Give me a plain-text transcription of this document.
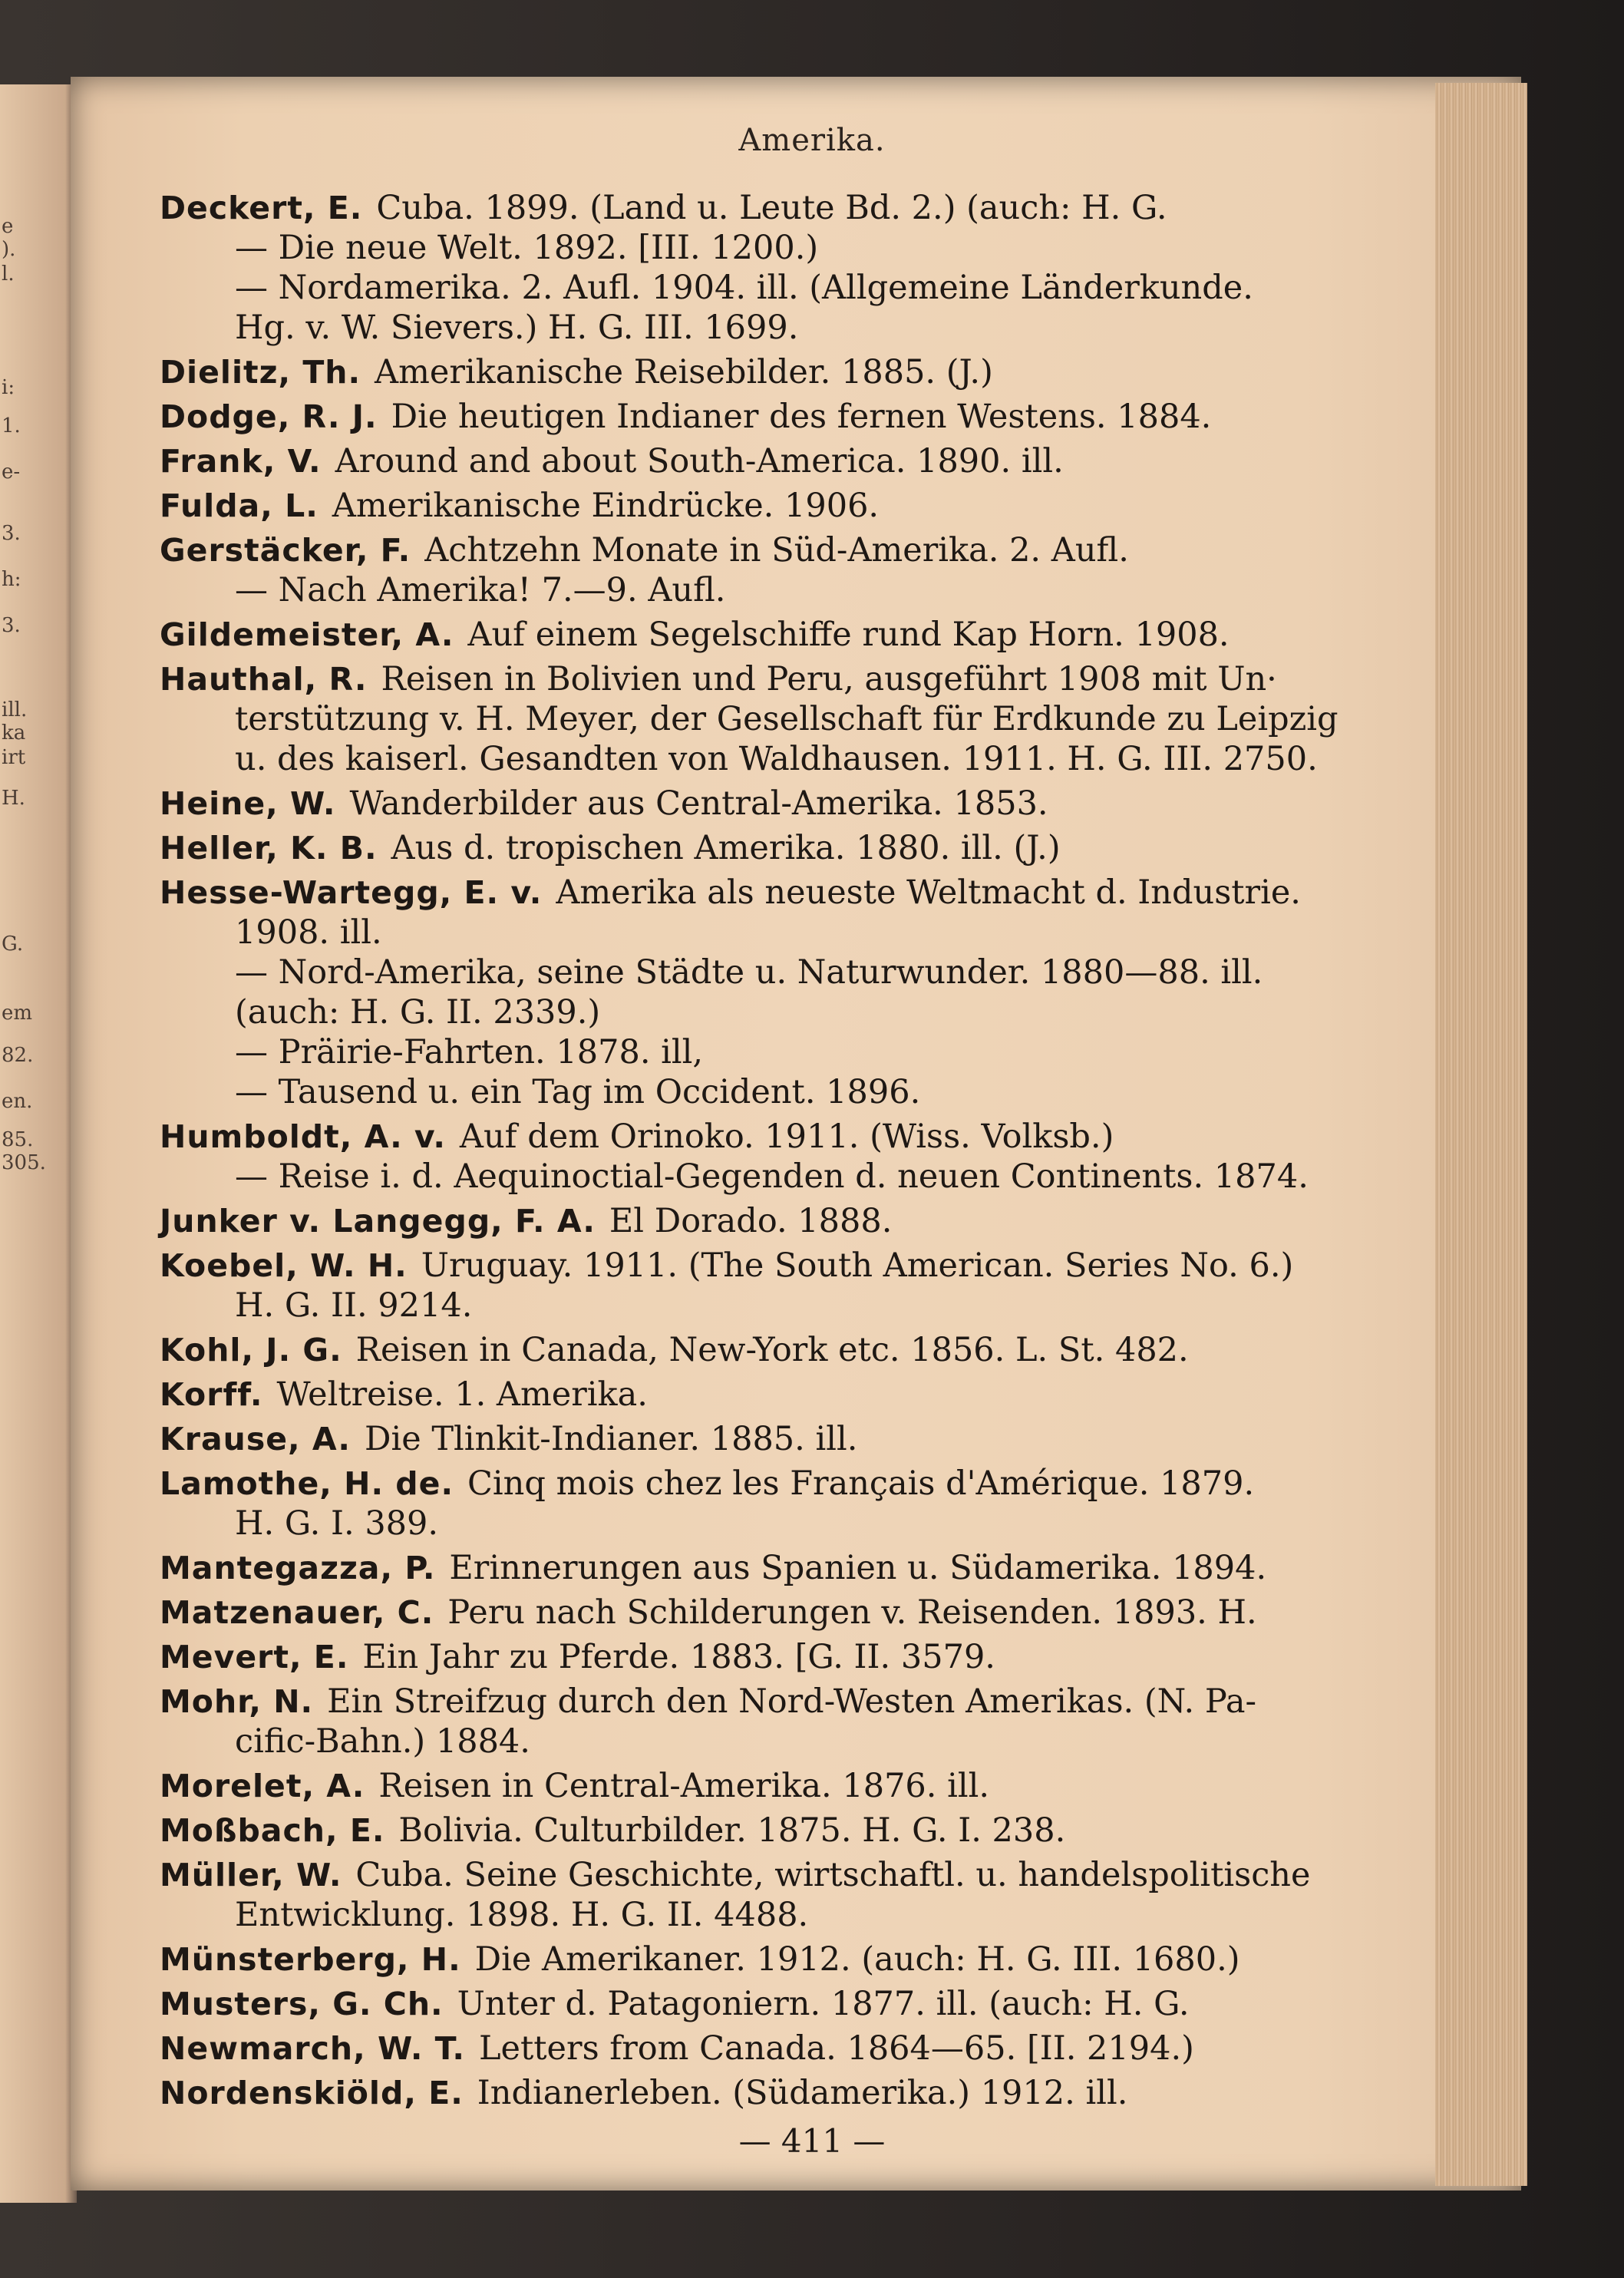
e
).
l.
i:
1.
e-
3.
h:
3.
ill.
ka
irt
H.
G.
em
82.
en.
85.
305.
Amerika.
Deckert, E. Cuba. 1899. (Land u. Leute Bd. 2.) (auch: H. G.
— Die neue Welt. 1892. [III. 1200.)
— Nordamerika. 2. Aufl. 1904. ill. (Allgemeine Länderkunde.
Hg. v. W. Sievers.) H. G. III. 1699.
Dielitz, Th. Amerikanische Reisebilder. 1885. (J.)
Dodge, R. J. Die heutigen Indianer des fernen Westens. 1884.
Frank, V. Around and about South-America. 1890. ill.
Fulda, L. Amerikanische Eindrücke. 1906.
Gerstäcker, F. Achtzehn Monate in Süd-Amerika. 2. Aufl.
— Nach Amerika! 7.—9. Aufl.
Gildemeister, A. Auf einem Segelschiffe rund Kap Horn. 1908.
Hauthal, R. Reisen in Bolivien und Peru, ausgeführt 1908 mit Un·
terstützung v. H. Meyer, der Gesellschaft für Erdkunde zu Leipzig
u. des kaiserl. Gesandten von Waldhausen. 1911. H. G. III. 2750.
Heine, W. Wanderbilder aus Central-Amerika. 1853.
Heller, K. B. Aus d. tropischen Amerika. 1880. ill. (J.)
Hesse-Wartegg, E. v. Amerika als neueste Weltmacht d. Industrie.
1908. ill.
— Nord-Amerika, seine Städte u. Naturwunder. 1880—88. ill.
(auch: H. G. II. 2339.)
— Präirie-Fahrten. 1878. ill,
— Tausend u. ein Tag im Occident. 1896.
Humboldt, A. v. Auf dem Orinoko. 1911. (Wiss. Volksb.)
— Reise i. d. Aequinoctial-Gegenden d. neuen Continents. 1874.
Junker v. Langegg, F. A. El Dorado. 1888.
Koebel, W. H. Uruguay. 1911. (The South American. Series No. 6.)
H. G. II. 9214.
Kohl, J. G. Reisen in Canada, New-York etc. 1856. L. St. 482.
Korff. Weltreise. 1. Amerika.
Krause, A. Die Tlinkit-Indianer. 1885. ill.
Lamothe, H. de. Cinq mois chez les Français d'Amérique. 1879.
H. G. I. 389.
Mantegazza, P. Erinnerungen aus Spanien u. Südamerika. 1894.
Matzenauer, C. Peru nach Schilderungen v. Reisenden. 1893. H.
Mevert, E. Ein Jahr zu Pferde. 1883. [G. II. 3579.
Mohr, N. Ein Streifzug durch den Nord-Westen Amerikas. (N. Pa-
cific-Bahn.) 1884.
Morelet, A. Reisen in Central-Amerika. 1876. ill.
Moßbach, E. Bolivia. Culturbilder. 1875. H. G. I. 238.
Müller, W. Cuba. Seine Geschichte, wirtschaftl. u. handelspolitische
Entwicklung. 1898. H. G. II. 4488.
Münsterberg, H. Die Amerikaner. 1912. (auch: H. G. III. 1680.)
Musters, G. Ch. Unter d. Patagoniern. 1877. ill. (auch: H. G.
Newmarch, W. T. Letters from Canada. 1864—65. [II. 2194.)
Nordenskiöld, E. Indianerleben. (Südamerika.) 1912. ill.
— 411 —
